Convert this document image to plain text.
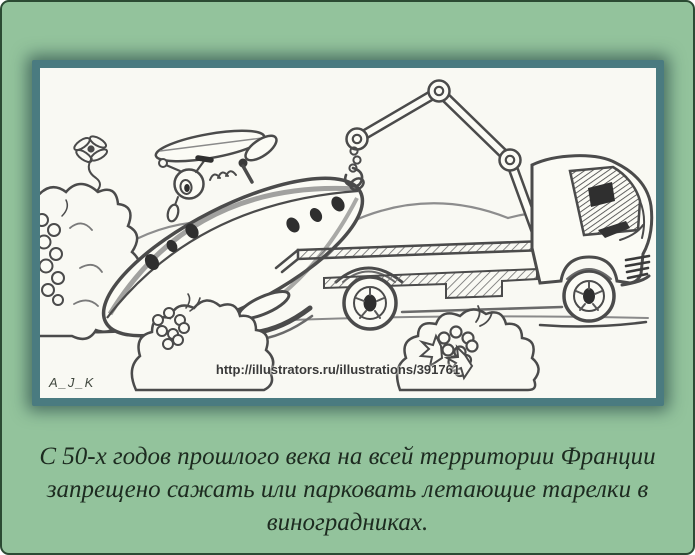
A_J_K
http://illustrators.ru/illustrations/391761
С 50-х годов прошлого века на всей территории Франции
запрещено сажать или парковать летающие тарелки в
виноградниках.
